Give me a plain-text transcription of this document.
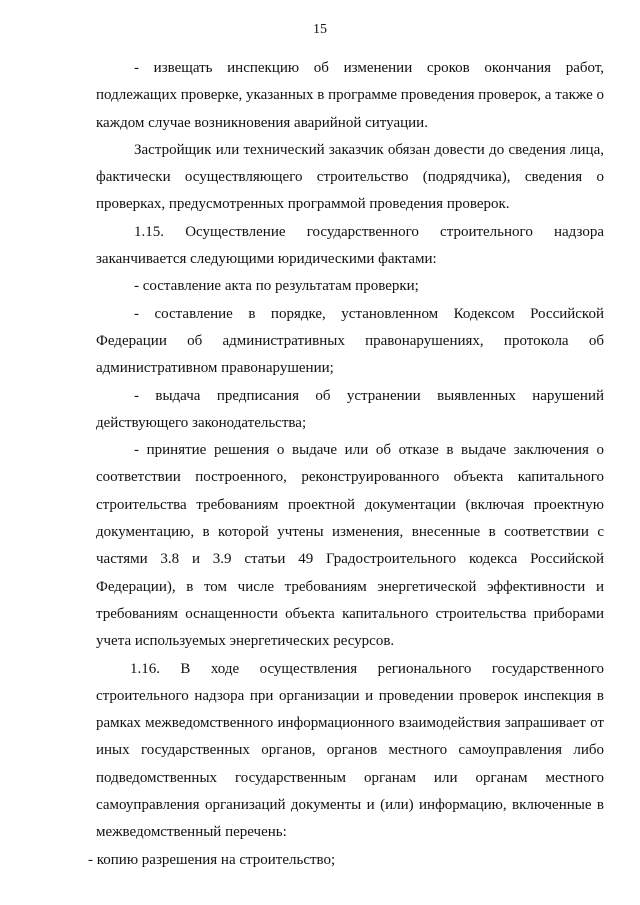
15

- извещать инспекцию об изменении сроков окончания работ, подлежащих проверке, указанных в программе проведения проверок, а также о каждом случае возникновения аварийной ситуации.

Застройщик или технический заказчик обязан довести до сведения лица, фактически осуществляющего строительство (подрядчика), сведения о проверках, предусмотренных программой проведения проверок.

1.15. Осуществление государственного строительного надзора заканчивается следующими юридическими фактами:

- составление акта по результатам проверки;

- составление в порядке, установленном Кодексом Российской Федерации об административных правонарушениях, протокола об административном правонарушении;

- выдача предписания об устранении выявленных нарушений действующего законодательства;

- принятие решения о выдаче или об отказе в выдаче заключения о соответствии построенного, реконструированного объекта капитального строительства требованиям проектной документации (включая проектную документацию, в которой учтены изменения, внесенные в соответствии с частями 3.8 и 3.9 статьи 49 Градостроительного кодекса Российской Федерации), в том числе требованиям энергетической эффективности и требованиям оснащенности объекта капитального строительства приборами учета используемых энергетических ресурсов.

1.16. В ходе осуществления регионального государственного строительного надзора при организации и проведении проверок инспекция в рамках межведомственного информационного взаимодействия запрашивает от иных государственных органов, органов местного самоуправления либо подведомственных государственным органам или органам местного самоуправления организаций документы и (или) информацию, включенные в межведомственный перечень:

- копию разрешения на строительство;
